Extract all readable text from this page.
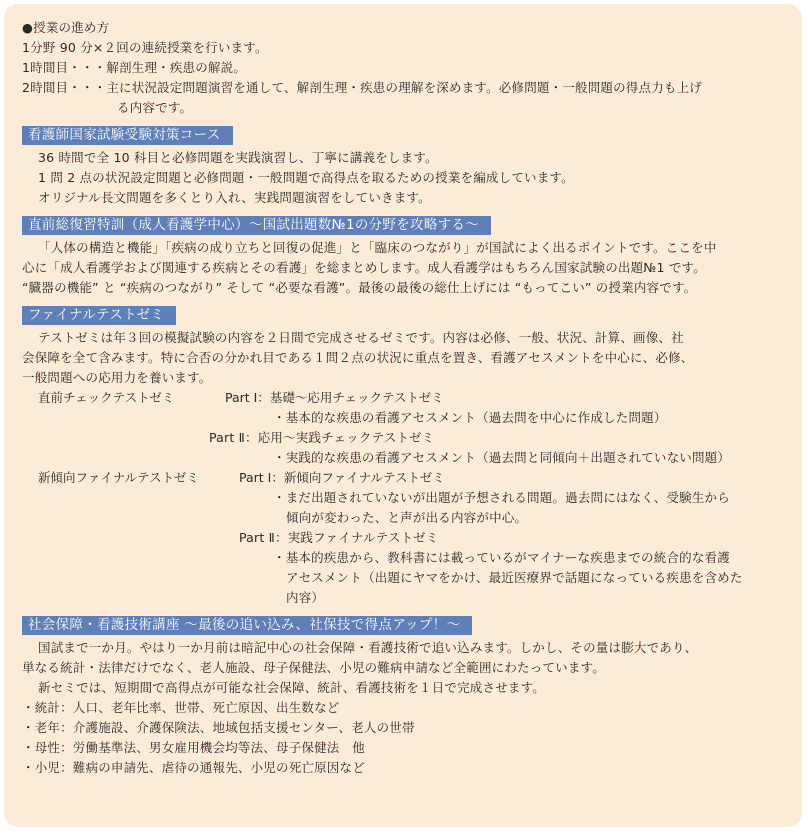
●授業の進め方
1分野 90 分×２回の連続授業を行います。
1時間目・・・解剖生理・疾患の解説。
2時間目・・・主に状況設定問題演習を通して、解剖生理・疾患の理解を深めます。必修問題・一般問題の得点力も上げ
る内容です。
看護師国家試験受験対策コース
36 時間で全 10 科目と必修問題を実践演習し、丁寧に講義をします。
1 問 2 点の状況設定問題と必修問題・一般問題で高得点を取るための授業を編成しています。
オリジナル長文問題を多くとり入れ、実践問題演習をしていきます。
直前総復習特訓（成人看護学中心）～国試出題数№1の分野を攻略する～
「人体の構造と機能」「疾病の成り立ちと回復の促進」と「臨床のつながり」が国試によく出るポイントです。ここを中
心に「成人看護学および関連する疾病とその看護」を総まとめします。成人看護学はもちろん国家試験の出題№1 です。
“臓器の機能” と “疾病のつながり” そして “必要な看護”。最後の最後の総仕上げには “もってこい” の授業内容です。
ファイナルテストゼミ
テストゼミは年３回の模擬試験の内容を２日間で完成させるゼミです。内容は必修、一般、状況、計算、画像、社
会保障を全て含みます。特に合否の分かれ目である１問２点の状況に重点を置き、看護アセスメントを中心に、必修、
一般問題への応用力を養います。
直前チェックテストゼミ	Part Ⅰ：基礎～応用チェックテストゼミ
・基本的な疾患の看護アセスメント（過去問を中心に作成した問題）
Part Ⅱ：応用～実践チェックテストゼミ
・実践的な疾患の看護アセスメント（過去問と同傾向＋出題されていない問題）
新傾向ファイナルテストゼミ	Part Ⅰ：新傾向ファイナルテストゼミ
・まだ出題されていないが出題が予想される問題。過去問にはなく、受験生から
傾向が変わった、と声が出る内容が中心。
Part Ⅱ：実践ファイナルテストゼミ
・基本的疾患から、教科書には載っているがマイナーな疾患までの統合的な看護
アセスメント（出題にヤマをかけ、最近医療界で話題になっている疾患を含めた
内容）
社会保障・看護技術講座 ～最後の追い込み、社保技で得点アップ！～
国試まで一か月。やはり一か月前は暗記中心の社会保障・看護技術で追い込みます。しかし、その量は膨大であり、
単なる統計・法律だけでなく、老人施設、母子保健法、小児の難病申請など全範囲にわたっています。
新セミでは、短期間で高得点が可能な社会保障、統計、看護技術を１日で完成させます。
・統計：人口、老年比率、世帯、死亡原因、出生数など
・老年：介護施設、介護保険法、地域包括支援センター、老人の世帯
・母性：労働基準法、男女雇用機会均等法、母子保健法　他
・小児：難病の申請先、虐待の通報先、小児の死亡原因など
